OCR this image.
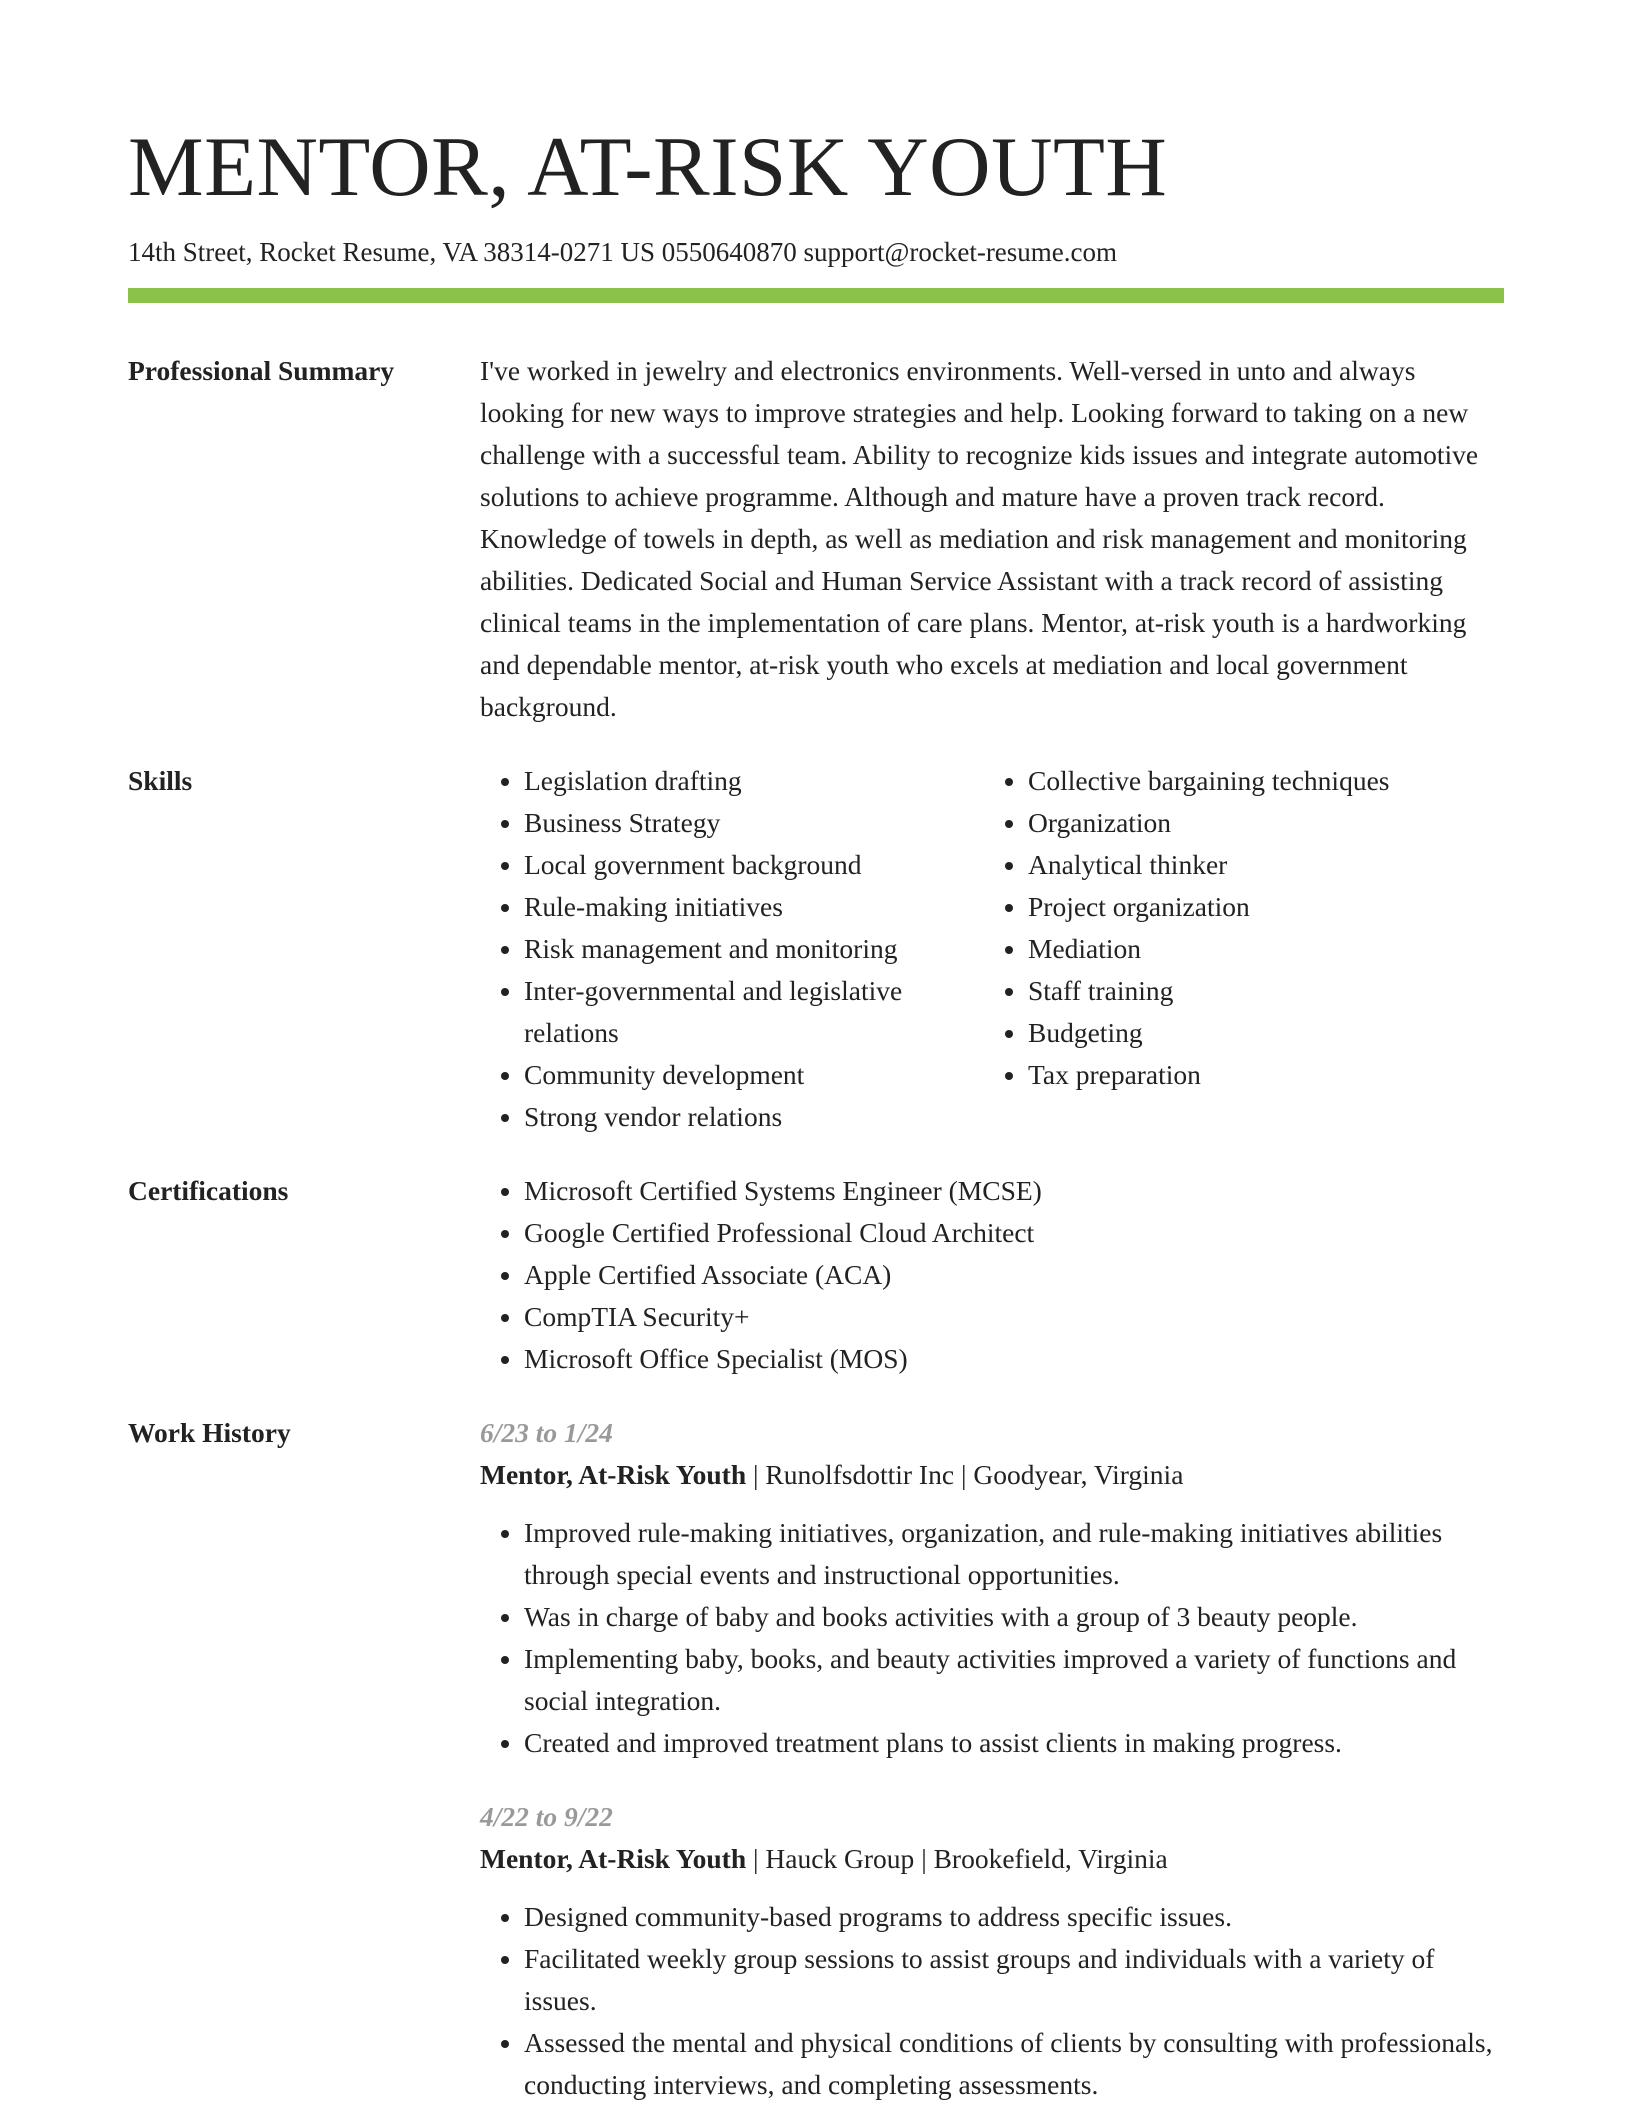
MENTOR, AT-RISK YOUTH
14th Street, Rocket Resume, VA 38314-0271 US 0550640870 support@rocket-resume.com
Professional Summary	I've worked in jewelry and electronics environments. Well-versed in unto and always looking for new ways to improve strategies and help. Looking forward to taking on a new challenge with a successful team. Ability to recognize kids issues and integrate automotive solutions to achieve programme. Although and mature have a proven track record. Knowledge of towels in depth, as well as mediation and risk management and monitoring abilities. Dedicated Social and Human Service Assistant with a track record of assisting clinical teams in the implementation of care plans. Mentor, at-risk youth is a hardworking and dependable mentor, at-risk youth who excels at mediation and local government background.
Skills	• Legislation drafting
• Business Strategy
• Local government background
• Rule-making initiatives
• Risk management and monitoring
• Inter-governmental and legislative relations
• Community development
• Strong vendor relations
• Collective bargaining techniques
• Organization
• Analytical thinker
• Project organization
• Mediation
• Staff training
• Budgeting
• Tax preparation
Certifications	• Microsoft Certified Systems Engineer (MCSE)
• Google Certified Professional Cloud Architect
• Apple Certified Associate (ACA)
• CompTIA Security+
• Microsoft Office Specialist (MOS)
Work History	6/23 to 1/24
Mentor, At-Risk Youth | Runolfsdottir Inc | Goodyear, Virginia
• Improved rule-making initiatives, organization, and rule-making initiatives abilities through special events and instructional opportunities.
• Was in charge of baby and books activities with a group of 3 beauty people.
• Implementing baby, books, and beauty activities improved a variety of functions and social integration.
• Created and improved treatment plans to assist clients in making progress.
4/22 to 9/22
Mentor, At-Risk Youth | Hauck Group | Brookefield, Virginia
• Designed community-based programs to address specific issues.
• Facilitated weekly group sessions to assist groups and individuals with a variety of issues.
• Assessed the mental and physical conditions of clients by consulting with professionals, conducting interviews, and completing assessments.
